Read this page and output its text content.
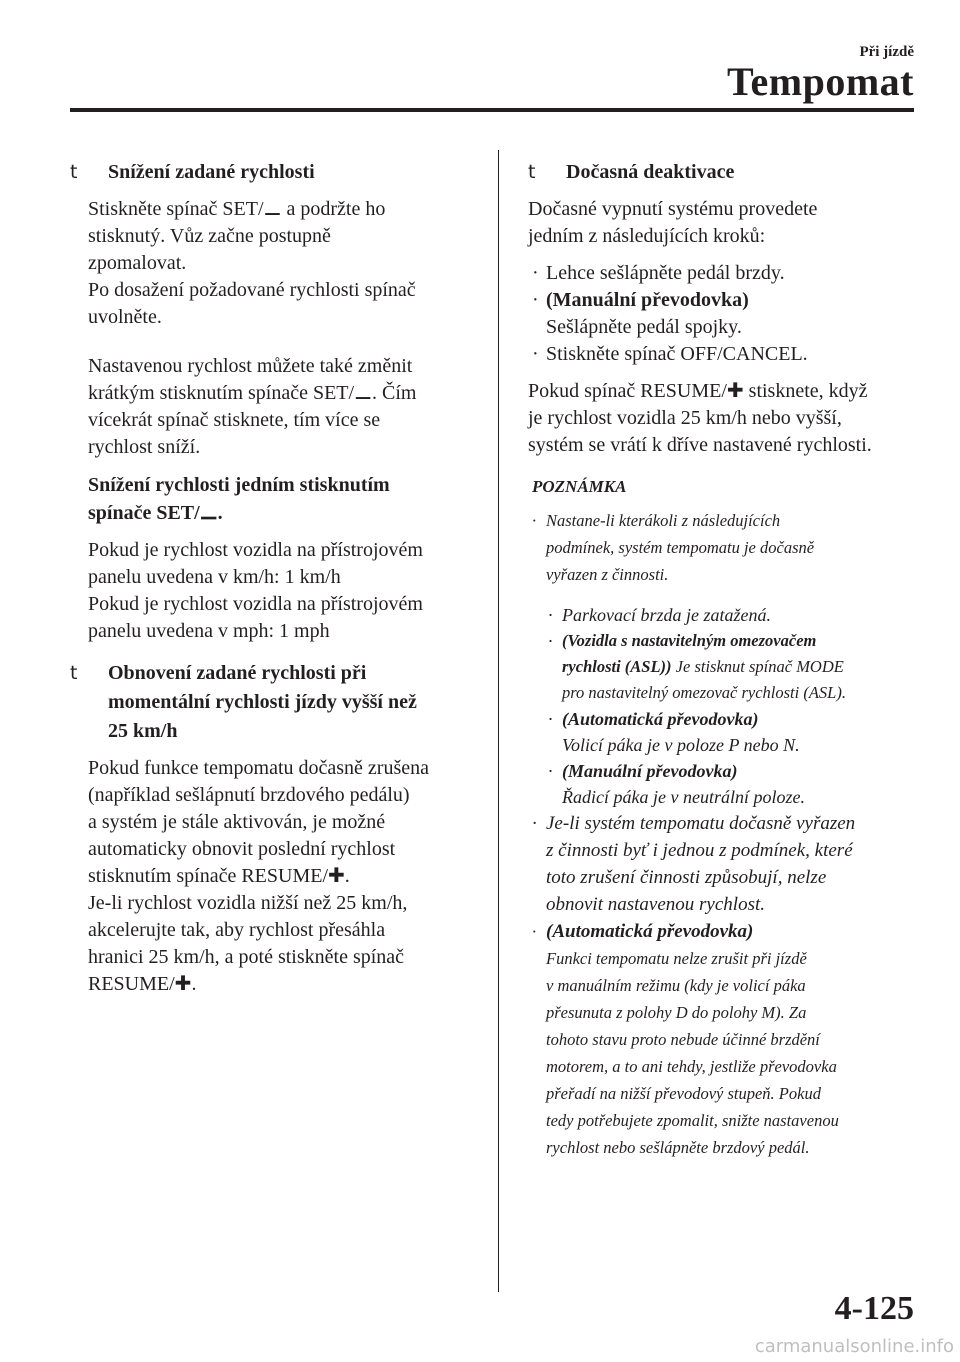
Při jízdě
Tempomat
t	Snížení zadané rychlosti
Stiskněte spínač SET/⚊ a podržte ho
stisknutý. Vůz začne postupně
zpomalovat.
Po dosažení požadované rychlosti spínač
uvolněte.
Nastavenou rychlost můžete také změnit
krátkým stisknutím spínače SET/⚊. Čím
vícekrát spínač stisknete, tím více se
rychlost sníží.
Snížení rychlosti jedním stisknutím
spínače SET/⚊.
Pokud je rychlost vozidla na přístrojovém
panelu uvedena v km/h: 1 km/h
Pokud je rychlost vozidla na přístrojovém
panelu uvedena v mph: 1 mph
t	Obnovení zadané rychlosti při
momentální rychlosti jízdy vyšší než
25 km/h
Pokud funkce tempomatu dočasně zrušena
(například sešlápnutí brzdového pedálu)
a systém je stále aktivován, je možné
automaticky obnovit poslední rychlost
stisknutím spínače RESUME/✚.
Je-li rychlost vozidla nižší než 25 km/h,
akcelerujte tak, aby rychlost přesáhla
hranici 25 km/h, a poté stiskněte spínač
RESUME/✚.
t	Dočasná deaktivace
Dočasné vypnutí systému provedete
jedním z následujících kroků:
· Lehce sešlápněte pedál brzdy.
· (Manuální převodovka)
Sešlápněte pedál spojky.
· Stiskněte spínač OFF/CANCEL.
Pokud spínač RESUME/✚ stisknete, když
je rychlost vozidla 25 km/h nebo vyšší,
systém se vrátí k dříve nastavené rychlosti.
POZNÁMKA
· Nastane-li kterákoli z následujících
podmínek, systém tempomatu je dočasně
vyřazen z činnosti.
· Parkovací brzda je zatažená.
· (Vozidla s nastavitelným omezovačem
rychlosti (ASL)) Je stisknut spínač MODE
pro nastavitelný omezovač rychlosti (ASL).
· (Automatická převodovka)
Volicí páka je v poloze P nebo N.
· (Manuální převodovka)
Řadicí páka je v neutrální poloze.
· Je-li systém tempomatu dočasně vyřazen
z činnosti byť i jednou z podmínek, které
toto zrušení činnosti způsobují, nelze
obnovit nastavenou rychlost.
· (Automatická převodovka)
Funkci tempomatu nelze zrušit při jízdě
v manuálním režimu (kdy je volicí páka
přesunuta z polohy D do polohy M). Za
tohoto stavu proto nebude účinné brzdění
motorem, a to ani tehdy, jestliže převodovka
přeřadí na nižší převodový stupeň. Pokud
tedy potřebujete zpomalit, snižte nastavenou
rychlost nebo sešlápněte brzdový pedál.
4-125
carmanualsonline.info
